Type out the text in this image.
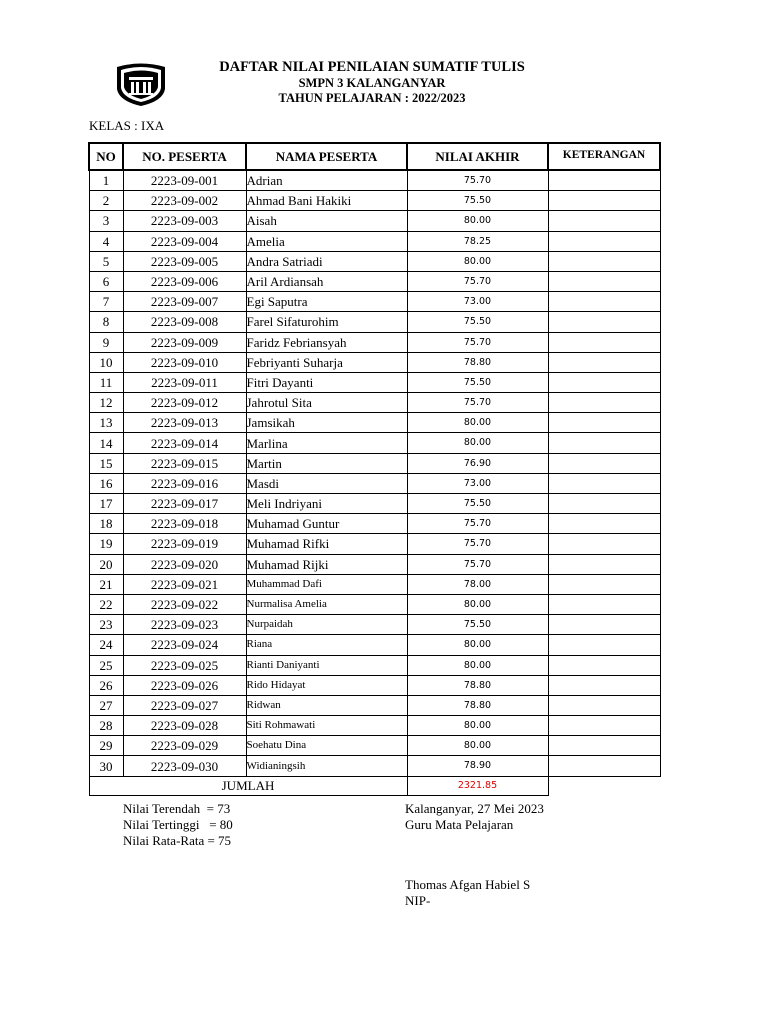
DAFTAR NILAI PENILAIAN SUMATIF TULIS
SMPN 3 KALANGANYAR
TAHUN PELAJARAN : 2022/2023
KELAS : IXA
NO	NO. PESERTA	NAMA PESERTA	NILAI AKHIR	KETERANGAN
1	2223-09-001	Adrian	75.70	
2	2223-09-002	Ahmad Bani Hakiki	75.50	
3	2223-09-003	Aisah	80.00	
4	2223-09-004	Amelia	78.25	
5	2223-09-005	Andra Satriadi	80.00	
6	2223-09-006	Aril Ardiansah	75.70	
7	2223-09-007	Egi Saputra	73.00	
8	2223-09-008	Farel Sifaturohim	75.50	
9	2223-09-009	Faridz Febriansyah	75.70	
10	2223-09-010	Febriyanti Suharja	78.80	
11	2223-09-011	Fitri Dayanti	75.50	
12	2223-09-012	Jahrotul Sita	75.70	
13	2223-09-013	Jamsikah	80.00	
14	2223-09-014	Marlina	80.00	
15	2223-09-015	Martin	76.90	
16	2223-09-016	Masdi	73.00	
17	2223-09-017	Meli Indriyani	75.50	
18	2223-09-018	Muhamad Guntur	75.70	
19	2223-09-019	Muhamad Rifki	75.70	
20	2223-09-020	Muhamad Rijki	75.70	
21	2223-09-021	Muhammad Dafi	78.00	
22	2223-09-022	Nurmalisa Amelia	80.00	
23	2223-09-023	Nurpaidah	75.50	
24	2223-09-024	Riana	80.00	
25	2223-09-025	Rianti Daniyanti	80.00	
26	2223-09-026	Rido Hidayat	78.80	
27	2223-09-027	Ridwan	78.80	
28	2223-09-028	Siti Rohmawati	80.00	
29	2223-09-029	Soehatu Dina	80.00	
30	2223-09-030	Widianingsih	78.90	
JUMLAH			2321.85	
Nilai Terendah  = 73
Nilai Tertinggi   = 80
Nilai Rata-Rata = 75
Kalanganyar, 27 Mei 2023
Guru Mata Pelajaran
Thomas Afgan Habiel S
NIP-
